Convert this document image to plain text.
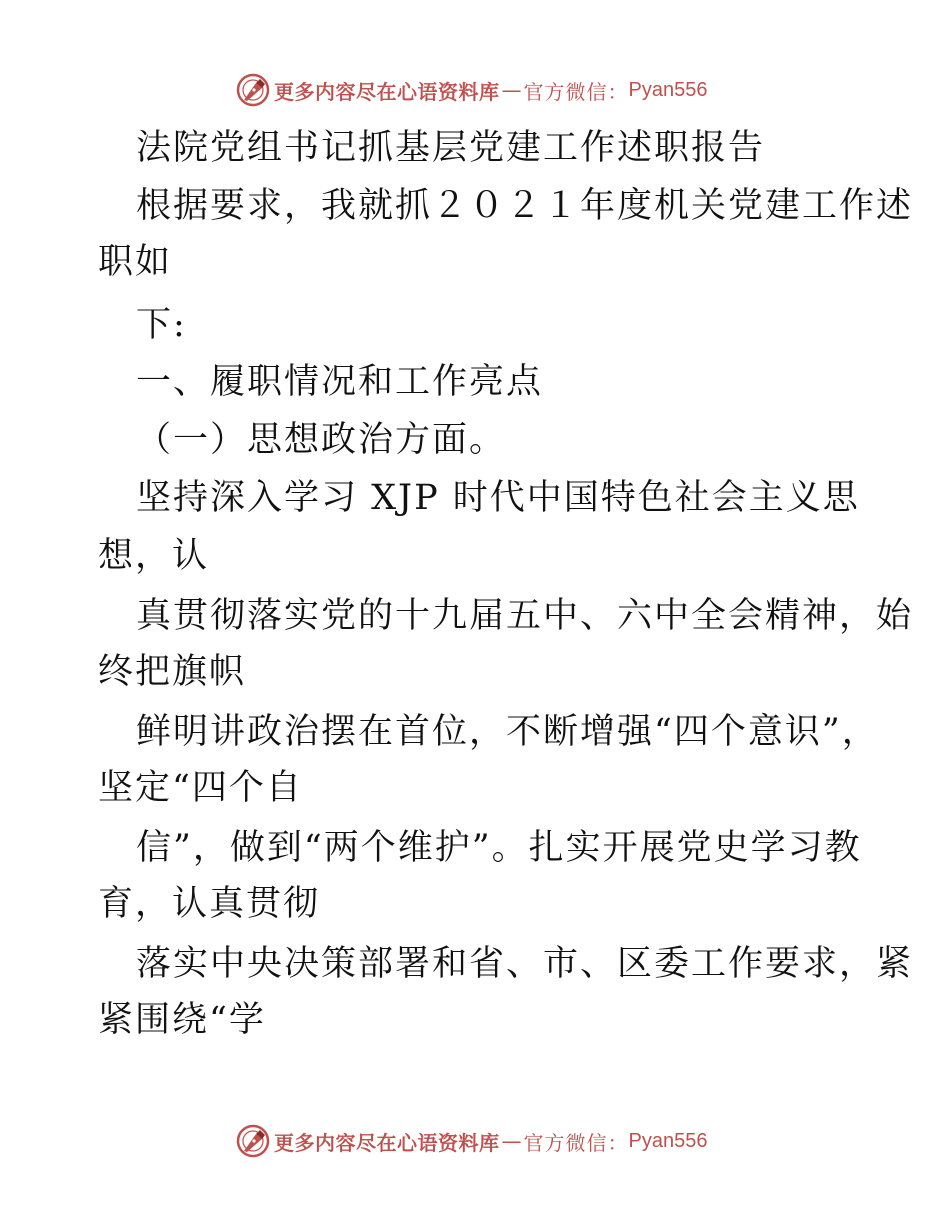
更多内容尽在心语资料库 — 官方微信： Pyan556
法院党组书记抓基层党建工作述职报告
根据要求，我就抓２０２１年度机关党建工作述
职如
下:
一、履职情况和工作亮点
（一）思想政治方面。
坚持深入学习 XJP 时代中国特色社会主义思
想，认
真贯彻落实党的十九届五中、六中全会精神，始
终把旗帜
鲜明讲政治摆在首位，不断增强“四个意识”，
坚定“四个自
信”，做到“两个维护”。扎实开展党史学习教
育，认真贯彻
落实中央决策部署和省、市、区委工作要求，紧
紧围绕“学
更多内容尽在心语资料库 — 官方微信： Pyan556
